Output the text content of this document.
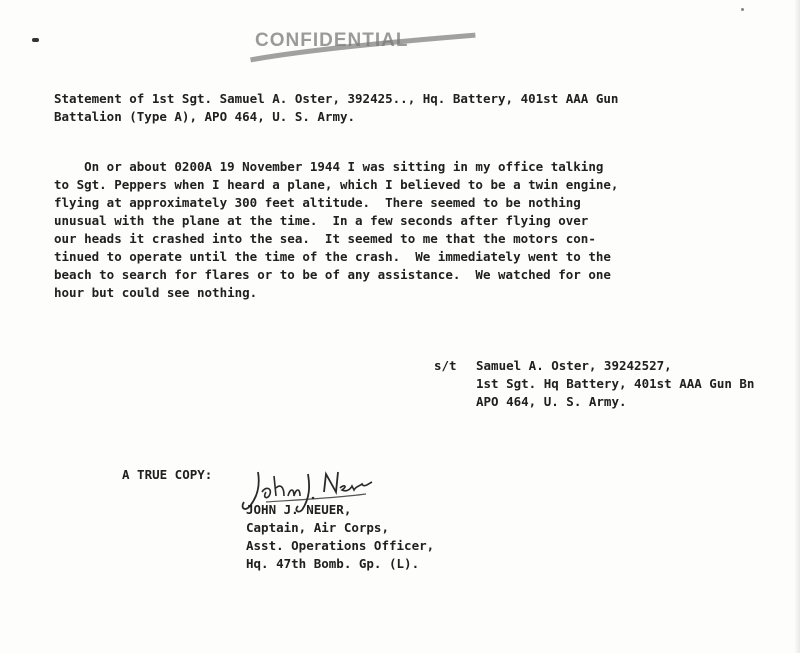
CONFIDENTIAL

Statement of 1st Sgt. Samuel A. Oster, 392425.., Hq. Battery, 401st AAA Gun

Battalion (Type A), APO 464, U. S. Army.

On or about 0200A 19 November 1944 I was sitting in my office talking

to Sgt. Peppers when I heard a plane, which I believed to be a twin engine,

flying at approximately 300 feet altitude.  There seemed to be nothing

unusual with the plane at the time.  In a few seconds after flying over

our heads it crashed into the sea.  It seemed to me that the motors con-

tinued to operate until the time of the crash.  We immediately went to the

beach to search for flares or to be of any assistance.  We watched for one

hour but could see nothing.

s/t Samuel A. Oster, 39242527,

1st Sgt. Hq Battery, 401st AAA Gun Bn

APO 464, U. S. Army.

A TRUE COPY:

JOHN J. NEUER,

Captain, Air Corps,

Asst. Operations Officer,

Hq. 47th Bomb. Gp. (L).
